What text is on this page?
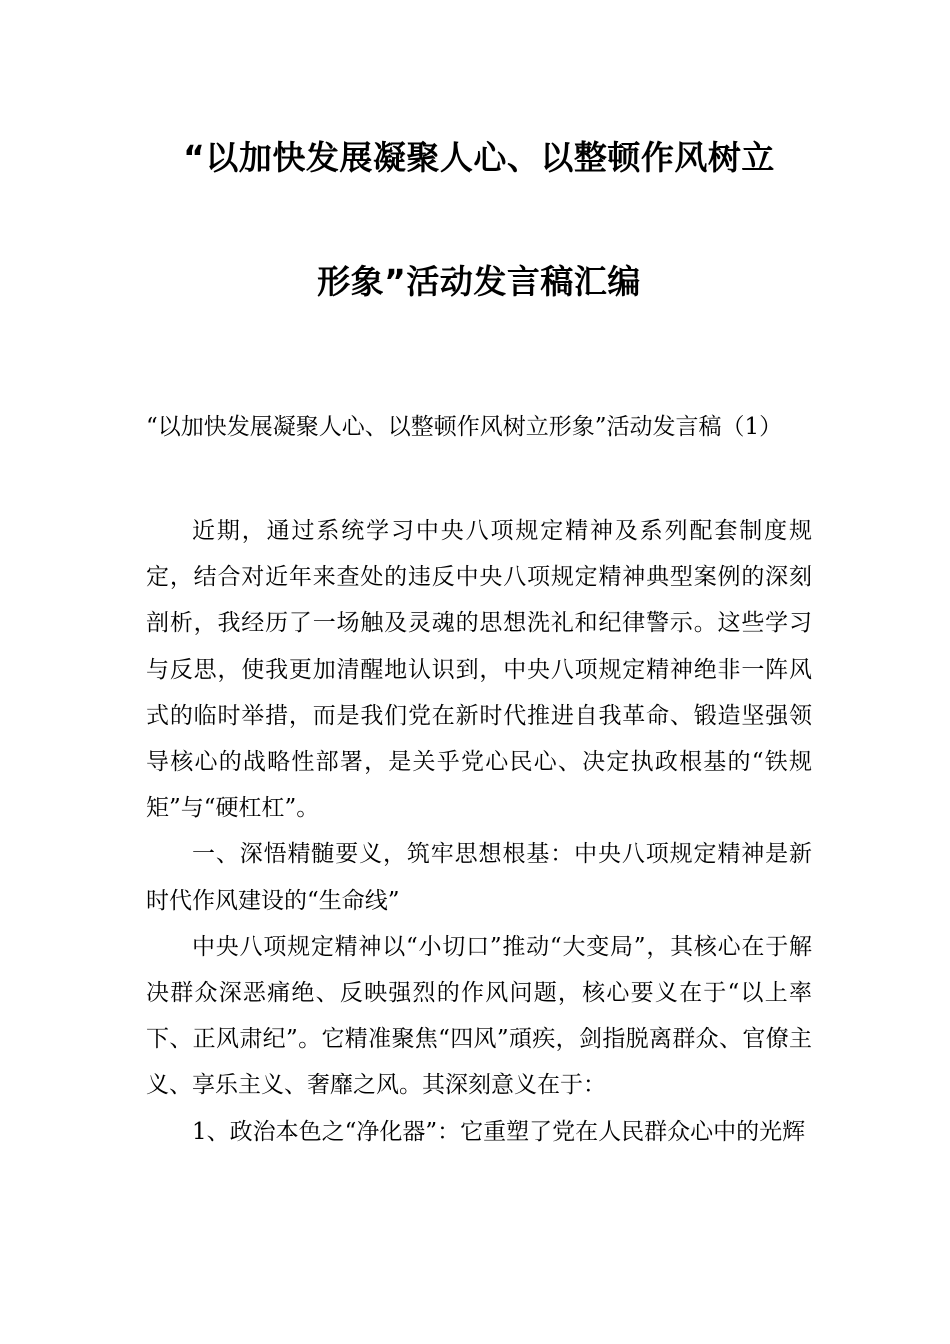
“以加快发展凝聚人心、以整顿作风树立
形象”活动发言稿汇编
“以加快发展凝聚人心、以整顿作风树立形象”活动发言稿（1）

近期，通过系统学习中央八项规定精神及系列配套制度规定，结合对近年来查处的违反中央八项规定精神典型案例的深刻剖析，我经历了一场触及灵魂的思想洗礼和纪律警示。这些学习与反思，使我更加清醒地认识到，中央八项规定精神绝非一阵风式的临时举措，而是我们党在新时代推进自我革命、锻造坚强领导核心的战略性部署，是关乎党心民心、决定执政根基的“铁规矩”与“硬杠杠”。

一、深悟精髄要义，筑牢思想根基：中央八项规定精神是新时代作风建设的“生命线”

中央八项规定精神以“小切口”推动“大变局”，其核心在于解决群众深恶痛绝、反映强烈的作风问题，核心要义在于“以上率下、正风肃纪”。它精准聚焦“四风”頑疾，剑指脱离群众、官僚主义、享乐主义、奢靡之风。其深刻意义在于：

1、政治本色之“净化器”：它重塑了党在人民群众心中的光辉
